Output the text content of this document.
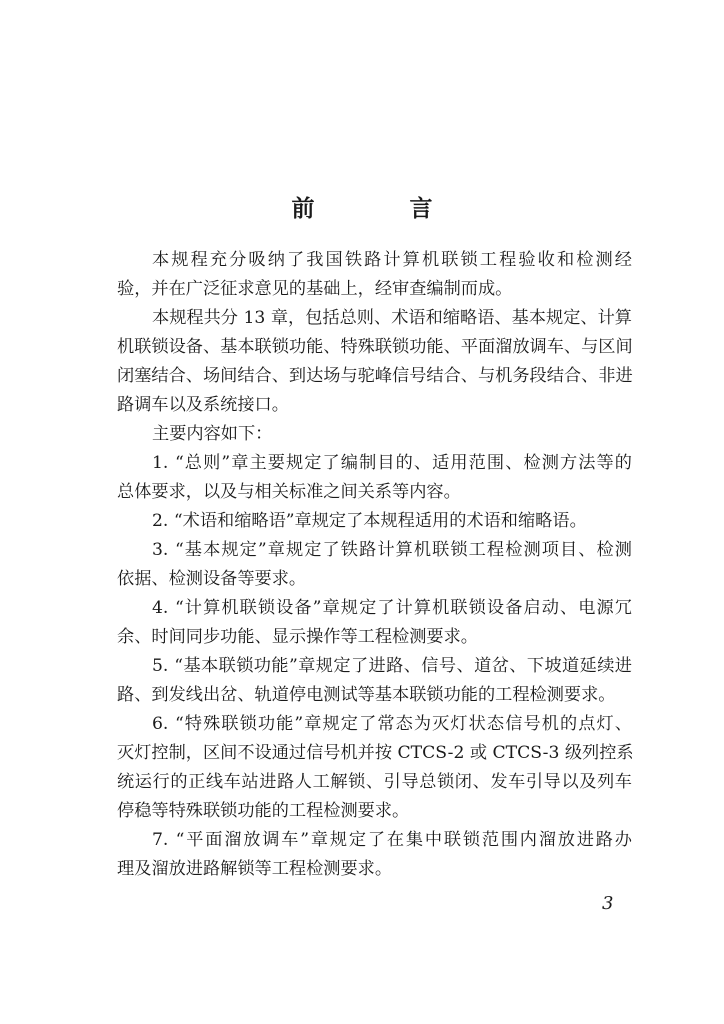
前　言
本规程充分吸纳了我国铁路计算机联锁工程验收和检测经
验，并在广泛征求意见的基础上，经审查编制而成。
本规程共分 13 章，包括总则、术语和缩略语、基本规定、计算
机联锁设备、基本联锁功能、特殊联锁功能、平面溜放调车、与区间
闭塞结合、场间结合、到达场与驼峰信号结合、与机务段结合、非进
路调车以及系统接口。
主要内容如下：
1. “总则”章主要规定了编制目的、适用范围、检测方法等的
总体要求，以及与相关标准之间关系等内容。
2. “术语和缩略语”章规定了本规程适用的术语和缩略语。
3. “基本规定”章规定了铁路计算机联锁工程检测项目、检测
依据、检测设备等要求。
4. “计算机联锁设备”章规定了计算机联锁设备启动、电源冗
余、时间同步功能、显示操作等工程检测要求。
5. “基本联锁功能”章规定了进路、信号、道岔、下坡道延续进
路、到发线出岔、轨道停电测试等基本联锁功能的工程检测要求。
6. “特殊联锁功能”章规定了常态为灭灯状态信号机的点灯、
灭灯控制，区间不设通过信号机并按 CTCS-2 或 CTCS-3 级列控系
统运行的正线车站进路人工解锁、引导总锁闭、发车引导以及列车
停稳等特殊联锁功能的工程检测要求。
7. “平面溜放调车”章规定了在集中联锁范围内溜放进路办
理及溜放进路解锁等工程检测要求。
3
